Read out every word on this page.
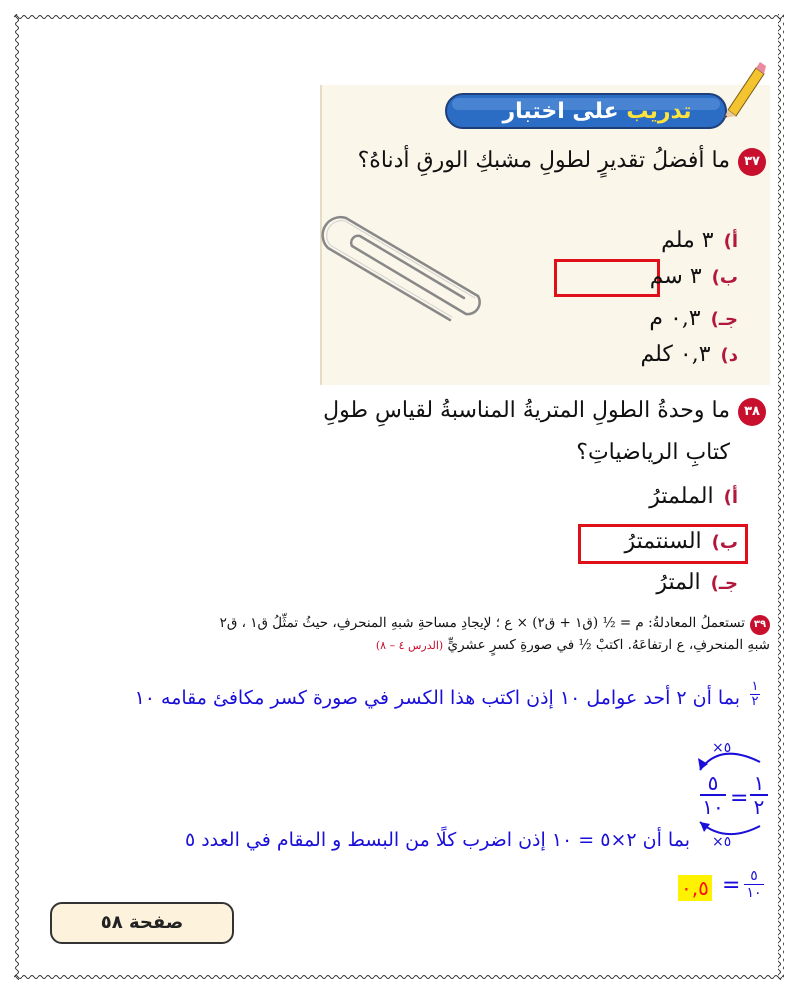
تدريب على اختبار
٣٧
ما أفضلُ تقديرٍ لطولِ مشبكِ الورقِ أدناهُ؟
أ)٣ ملم
ب)٣ سم
جـ)٠,٣ م
د)٠,٣ كلم
٣٨
ما وحدةُ الطولِ المتريةُ المناسبةُ لقياسِ طولِ
كتابِ الرياضياتِ؟
أ)الملمترُ
ب)السنتمترُ
جـ)المترُ
٣٩
تستعملُ المعادلةُ: م = ½ (ق١ + ق٢) × ع ؛ لإيجادِ مساحةِ شبهِ المنحرفِ، حيثُ تمثِّلُ ق١ ، ق٢
شبهِ المنحرفِ، ع ارتفاعَهُ. اكتبْ ½ في صورةِ كسرٍ عشريٍّ (الدرس ٤ – ٨)
١
٢
بما أن ٢ أحد عوامل ١٠ إذن اكتب هذا الكسر في صورة كسر مكافئ مقامه ١٠
×٥
×٥
٥
١٠ =
١
٢
بما أن ٢×٥ = ١٠ إذن اضرب كلًا من البسط و المقام في العدد ٥
٠,٥ = ٥
١٠
صفحة ٥٨
